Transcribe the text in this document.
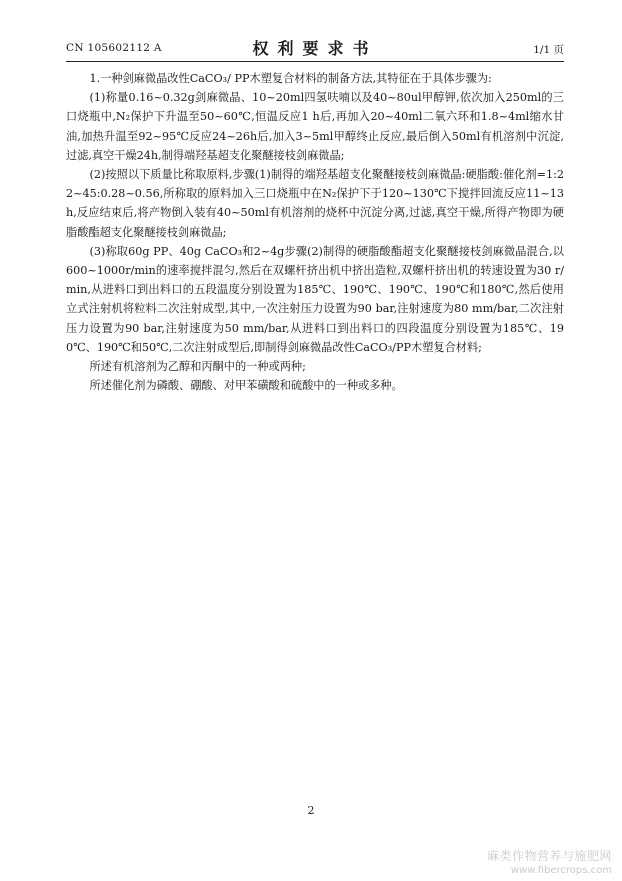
CN 105602112 A	权利要求书	1/1 页

1.一种剑麻微晶改性CaCO₃/ PP木塑复合材料的制备方法,其特征在于具体步骤为:

(1)称量0.16~0.32g剑麻微晶、10~20ml四氢呋喃以及40~80ul甲醇钾,依次加入250ml的三口烧瓶中,N₂保护下升温至50~60℃,恒温反应1 h后,再加入20~40ml二氧六环和1.8~4ml缩水甘油,加热升温至92~95℃反应24~26h后,加入3~5ml甲醇终止反应,最后倒入50ml有机溶剂中沉淀,过滤,真空干燥24h,制得端羟基超支化聚醚接枝剑麻微晶;

(2)按照以下质量比称取原料,步骤(1)制得的端羟基超支化聚醚接枝剑麻微晶:硬脂酸:催化剂=1:22~45:0.28~0.56,所称取的原料加入三口烧瓶中在N₂保护下于120~130℃下搅拌回流反应11~13h,反应结束后,将产物倒入装有40~50ml有机溶剂的烧杯中沉淀分离,过滤,真空干燥,所得产物即为硬脂酸酯超支化聚醚接枝剑麻微晶;

(3)称取60g PP、40g CaCO₃和2~4g步骤(2)制得的硬脂酸酯超支化聚醚接枝剑麻微晶混合,以600~1000r/min的速率搅拌混匀,然后在双螺杆挤出机中挤出造粒,双螺杆挤出机的转速设置为30 r/min,从进料口到出料口的五段温度分别设置为185℃、190℃、190℃、190℃和180℃,然后使用立式注射机将粒料二次注射成型,其中,一次注射压力设置为90 bar,注射速度为80 mm/bar,二次注射压力设置为90 bar,注射速度为50 mm/bar,从进料口到出料口的四段温度分别设置为185℃、190℃、190℃和50℃,二次注射成型后,即制得剑麻微晶改性CaCO₃/PP木塑复合材料;

所述有机溶剂为乙醇和丙酮中的一种或两种;

所述催化剂为磷酸、硼酸、对甲苯磺酸和硫酸中的一种或多种。

2
麻类作物营养与施肥网
www.fibercrops.com
